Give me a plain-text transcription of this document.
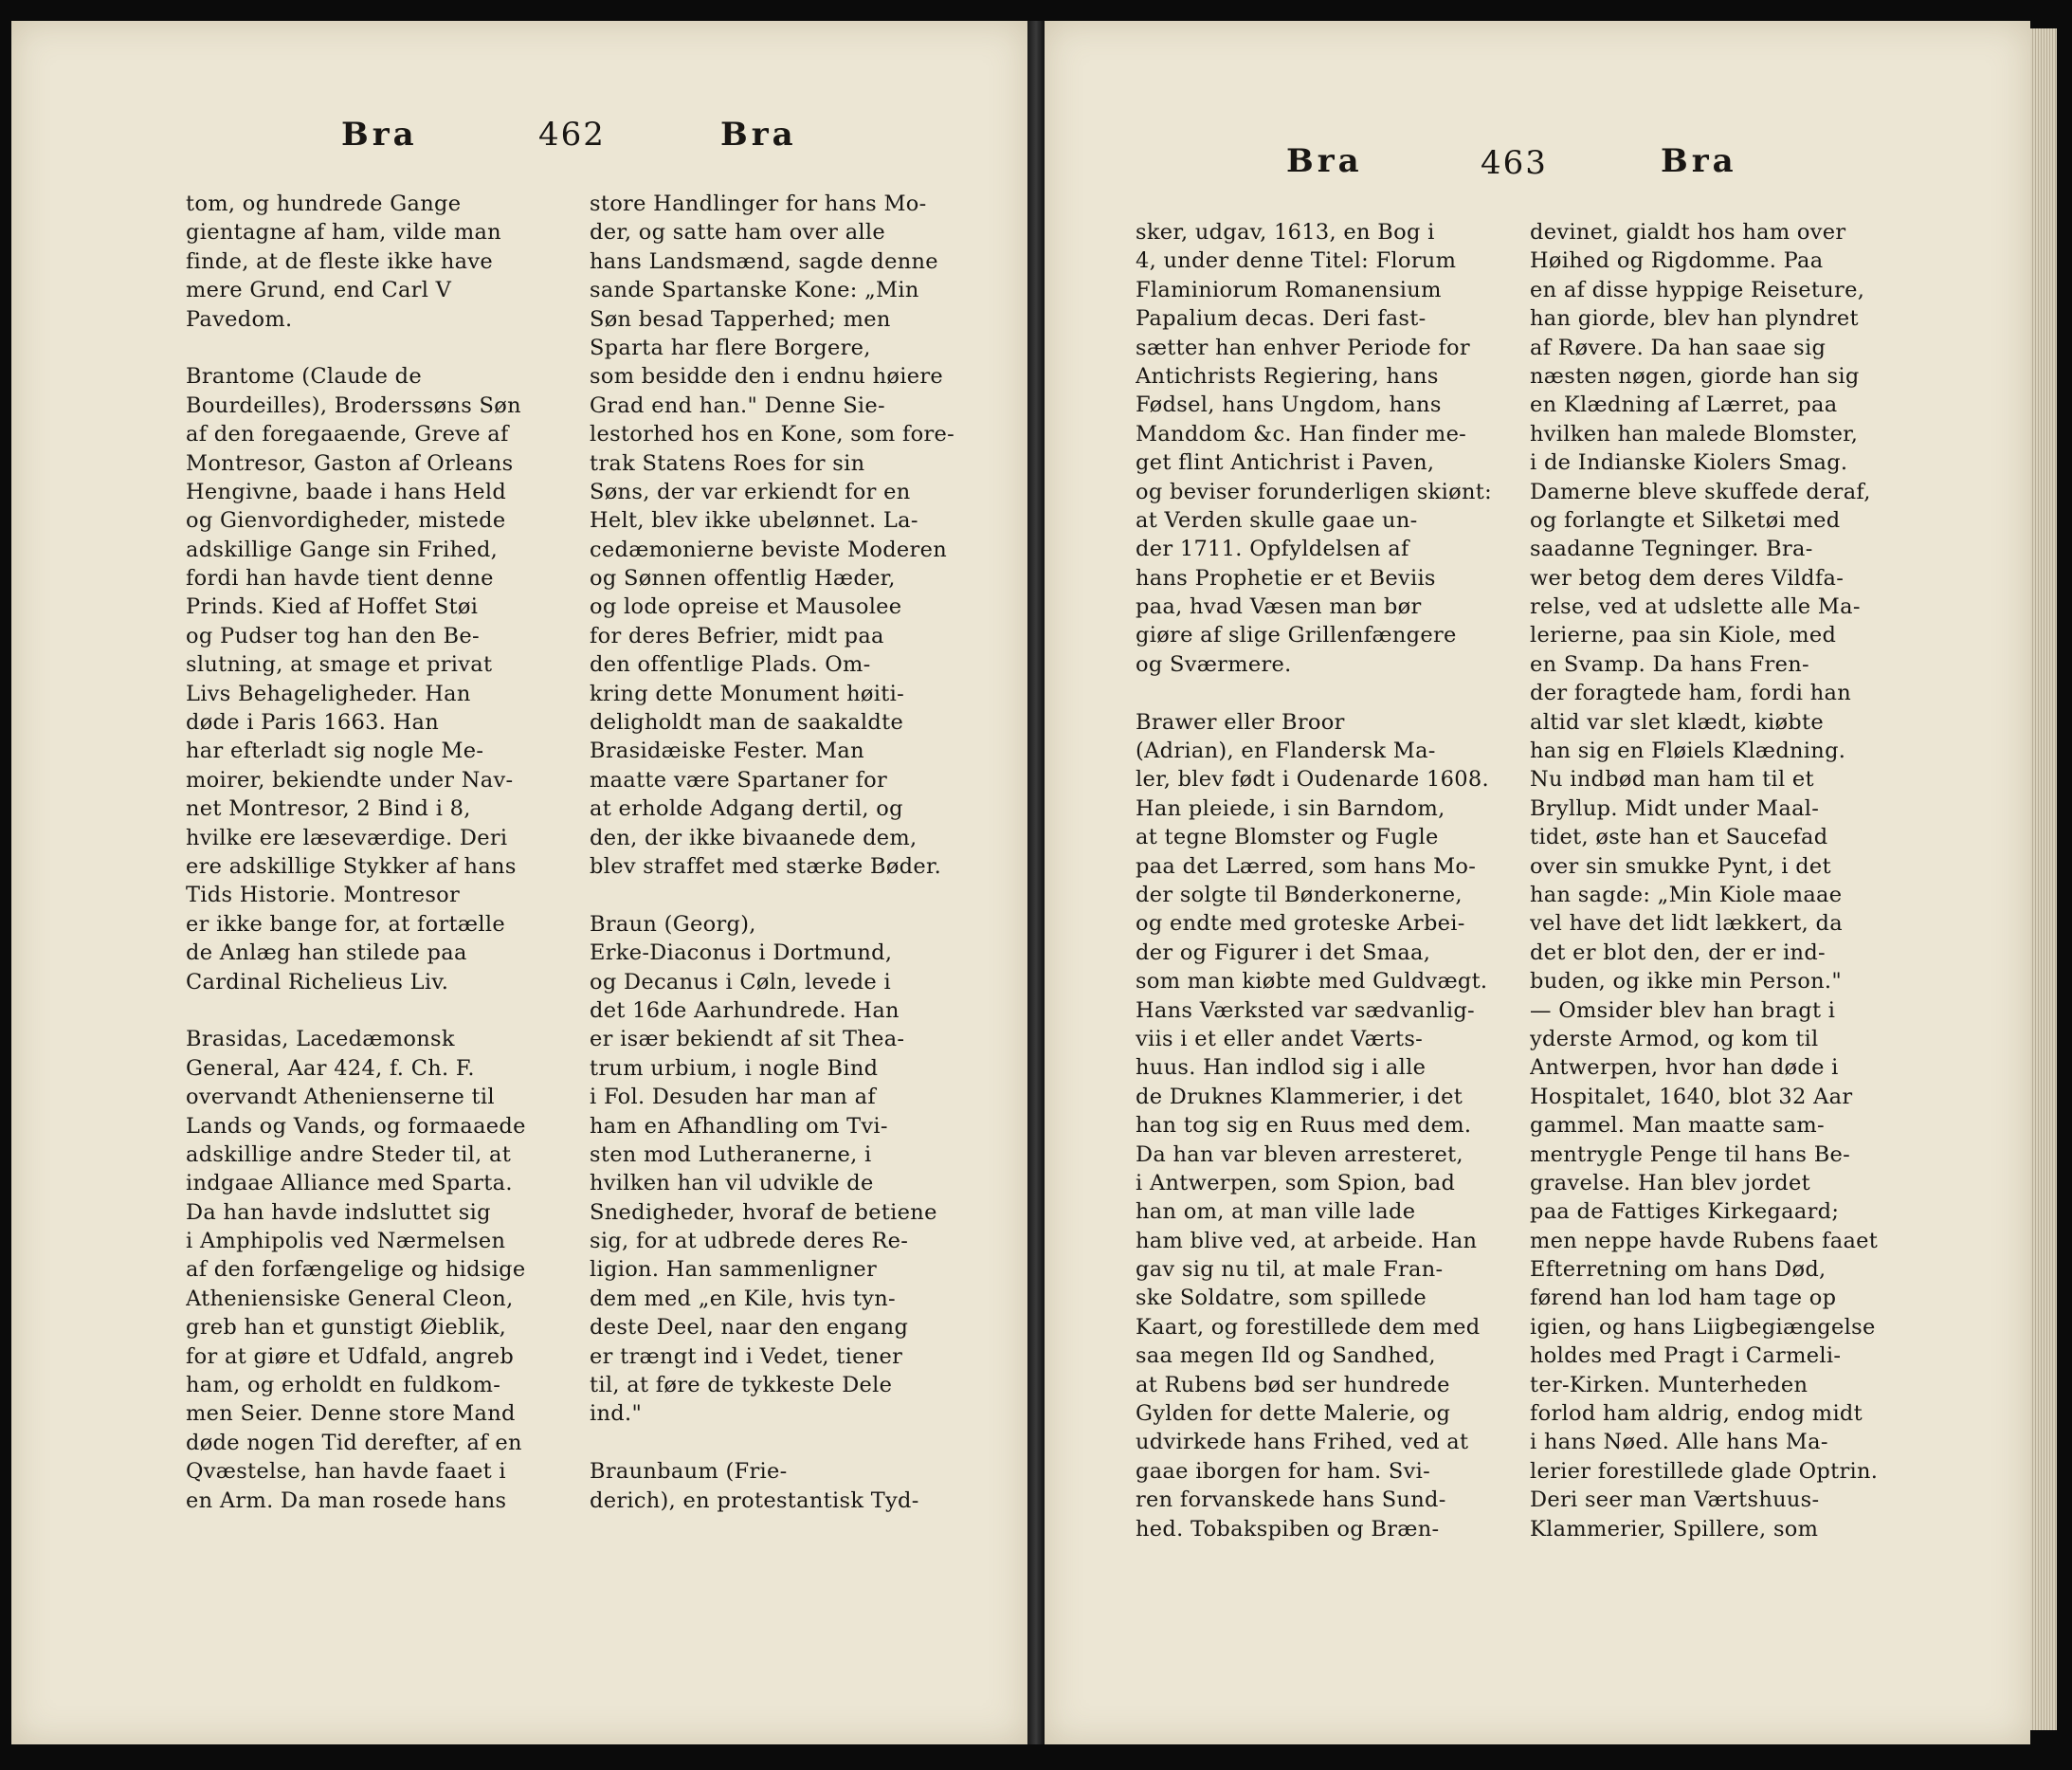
Bra	462	Bra
Bra	463	Bra
tom, og hundrede Gange
gientagne af ham, vilde man
finde, at de fleste ikke have
mere Grund, end Carl V
Pavedom.
Brantome (Claude de
Bourdeilles), Broderssøns Søn
af den foregaaende, Greve af
Montresor, Gaston af Orleans
Hengivne, baade i hans Held
og Gienvordigheder, mistede
adskillige Gange sin Frihed,
fordi han havde tient denne
Prinds. Kied af Hoffet Støi
og Pudser tog han den Be-
slutning, at smage et privat
Livs Behageligheder. Han
døde i Paris 1663. Han
har efterladt sig nogle Me-
moirer, bekiendte under Nav-
net Montresor, 2 Bind i 8,
hvilke ere læseværdige. Deri
ere adskillige Stykker af hans
Tids Historie. Montresor
er ikke bange for, at fortælle
de Anlæg han stilede paa
Cardinal Richelieus Liv.
Brasidas, Lacedæmonsk
General, Aar 424, f. Ch. F.
overvandt Athenienserne til
Lands og Vands, og formaaede
adskillige andre Steder til, at
indgaae Alliance med Sparta.
Da han havde indsluttet sig
i Amphipolis ved Nærmelsen
af den forfængelige og hidsige
Atheniensiske General Cleon,
greb han et gunstigt Øieblik,
for at giøre et Udfald, angreb
ham, og erholdt en fuldkom-
men Seier. Denne store Mand
døde nogen Tid derefter, af en
Qvæstelse, han havde faaet i
en Arm. Da man rosede hans
store Handlinger for hans Mo-
der, og satte ham over alle
hans Landsmænd, sagde denne
sande Spartanske Kone: „Min
Søn besad Tapperhed; men
Sparta har flere Borgere,
som besidde den i endnu høiere
Grad end han." Denne Sie-
lestorhed hos en Kone, som fore-
trak Statens Roes for sin
Søns, der var erkiendt for en
Helt, blev ikke ubelønnet. La-
cedæmonierne beviste Moderen
og Sønnen offentlig Hæder,
og lode opreise et Mausolee
for deres Befrier, midt paa
den offentlige Plads. Om-
kring dette Monument høiti-
deligholdt man de saakaldte
Brasidæiske Fester. Man
maatte være Spartaner for
at erholde Adgang dertil, og
den, der ikke bivaanede dem,
blev straffet med stærke Bøder.
Braun (Georg),
Erke-Diaconus i Dortmund,
og Decanus i Cøln, levede i
det 16de Aarhundrede. Han
er især bekiendt af sit Thea-
trum urbium, i nogle Bind
i Fol. Desuden har man af
ham en Afhandling om Tvi-
sten mod Lutheranerne, i
hvilken han vil udvikle de
Snedigheder, hvoraf de betiene
sig, for at udbrede deres Re-
ligion. Han sammenligner
dem med „en Kile, hvis tyn-
deste Deel, naar den engang
er trængt ind i Vedet, tiener
til, at føre de tykkeste Dele
ind."
Braunbaum (Frie-
derich), en protestantisk Tyd-
sker, udgav, 1613, en Bog i
4, under denne Titel: Florum
Flaminiorum Romanensium
Papalium decas. Deri fast-
sætter han enhver Periode for
Antichrists Regiering, hans
Fødsel, hans Ungdom, hans
Manddom &c. Han finder me-
get flint Antichrist i Paven,
og beviser forunderligen skiønt:
at Verden skulle gaae un-
der 1711. Opfyldelsen af
hans Prophetie er et Beviis
paa, hvad Væsen man bør
giøre af slige Grillenfængere
og Sværmere.
Brawer eller Broor
(Adrian), en Flandersk Ma-
ler, blev født i Oudenarde 1608.
Han pleiede, i sin Barndom,
at tegne Blomster og Fugle
paa det Lærred, som hans Mo-
der solgte til Bønderkonerne,
og endte med groteske Arbei-
der og Figurer i det Smaa,
som man kiøbte med Guldvægt.
Hans Værksted var sædvanlig-
viis i et eller andet Værts-
huus. Han indlod sig i alle
de Druknes Klammerier, i det
han tog sig en Ruus med dem.
Da han var bleven arresteret,
i Antwerpen, som Spion, bad
han om, at man ville lade
ham blive ved, at arbeide. Han
gav sig nu til, at male Fran-
ske Soldatre, som spillede
Kaart, og forestillede dem med
saa megen Ild og Sandhed,
at Rubens bød ser hundrede
Gylden for dette Malerie, og
udvirkede hans Frihed, ved at
gaae iborgen for ham. Svi-
ren forvanskede hans Sund-
hed. Tobakspiben og Bræn-
devinet, gialdt hos ham over
Høihed og Rigdomme. Paa
en af disse hyppige Reiseture,
han giorde, blev han plyndret
af Røvere. Da han saae sig
næsten nøgen, giorde han sig
en Klædning af Lærret, paa
hvilken han malede Blomster,
i de Indianske Kiolers Smag.
Damerne bleve skuffede deraf,
og forlangte et Silketøi med
saadanne Tegninger. Bra-
wer betog dem deres Vildfa-
relse, ved at udslette alle Ma-
lerierne, paa sin Kiole, med
en Svamp. Da hans Fren-
der foragtede ham, fordi han
altid var slet klædt, kiøbte
han sig en Fløiels Klædning.
Nu indbød man ham til et
Bryllup. Midt under Maal-
tidet, øste han et Saucefad
over sin smukke Pynt, i det
han sagde: „Min Kiole maae
vel have det lidt lækkert, da
det er blot den, der er ind-
buden, og ikke min Person."
— Omsider blev han bragt i
yderste Armod, og kom til
Antwerpen, hvor han døde i
Hospitalet, 1640, blot 32 Aar
gammel. Man maatte sam-
mentrygle Penge til hans Be-
gravelse. Han blev jordet
paa de Fattiges Kirkegaard;
men neppe havde Rubens faaet
Efterretning om hans Død,
førend han lod ham tage op
igien, og hans Liigbegiængelse
holdes med Pragt i Carmeli-
ter-Kirken. Munterheden
forlod ham aldrig, endog midt
i hans Nøed. Alle hans Ma-
lerier forestillede glade Optrin.
Deri seer man Værtshuus-
Klammerier, Spillere, som
